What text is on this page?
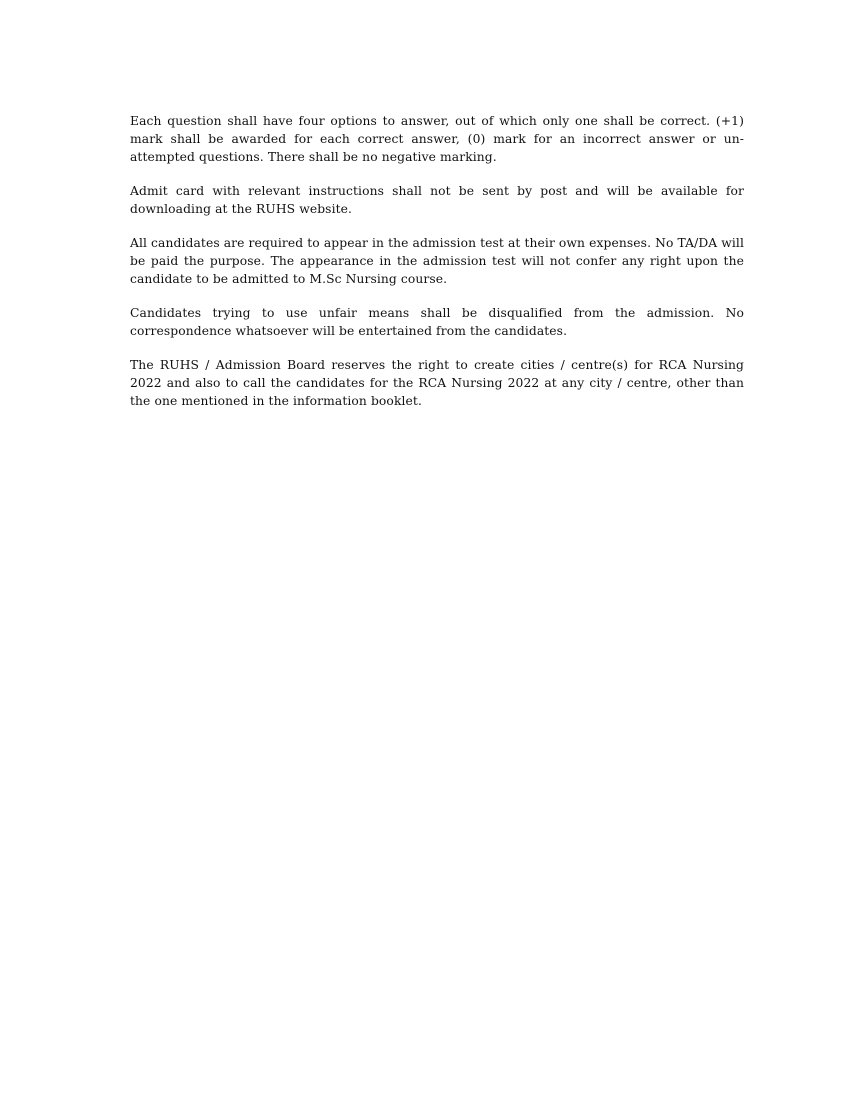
Each question shall have four options to answer, out of which only one shall be correct. (+1) mark shall be awarded for each correct answer, (0) mark for an incorrect answer or un-attempted questions. There shall be no negative marking.

Admit card with relevant instructions shall not be sent by post and will be available for downloading at the RUHS website.

All candidates are required to appear in the admission test at their own expenses. No TA/DA will be paid the purpose. The appearance in the admission test will not confer any right upon the candidate to be admitted to M.Sc Nursing course.

Candidates trying to use unfair means shall be disqualified from the admission. No correspondence whatsoever will be entertained from the candidates.

The RUHS / Admission Board reserves the right to create cities / centre(s) for RCA Nursing 2022 and also to call the candidates for the RCA Nursing 2022 at any city / centre, other than the one mentioned in the information booklet.
